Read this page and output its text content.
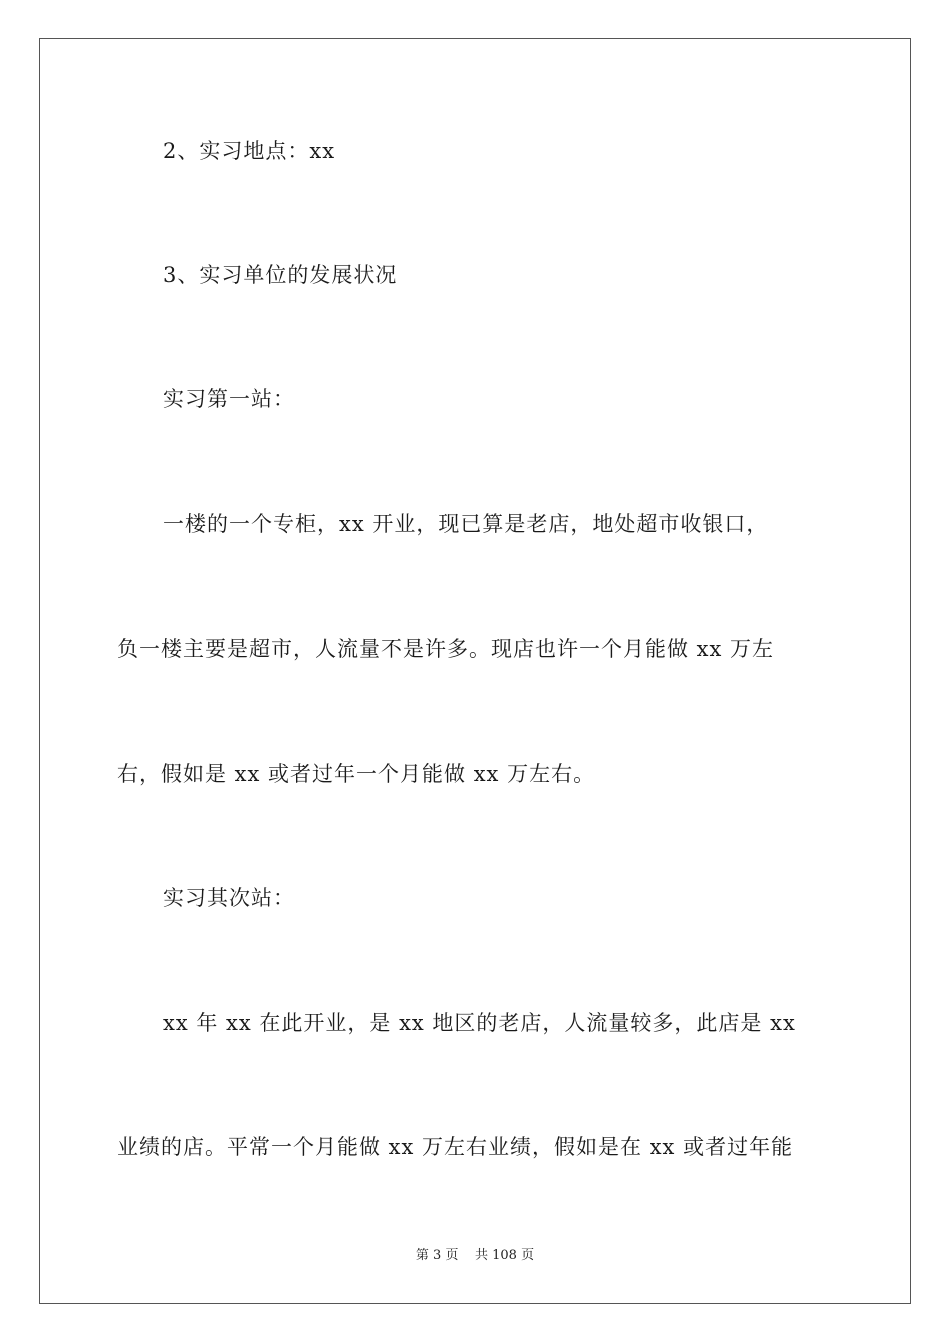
2、实习地点：xx
3、实习单位的发展状况
实习第一站：
一楼的一个专柜，xx 开业，现已算是老店，地处超市收银口，
负一楼主要是超市，人流量不是许多。现店也许一个月能做 xx 万左
右，假如是 xx 或者过年一个月能做 xx 万左右。
实习其次站：
xx 年 xx 在此开业，是 xx 地区的老店，人流量较多，此店是 xx
业绩的店。平常一个月能做 xx 万左右业绩，假如是在 xx 或者过年能
第 3 页 共 108 页
